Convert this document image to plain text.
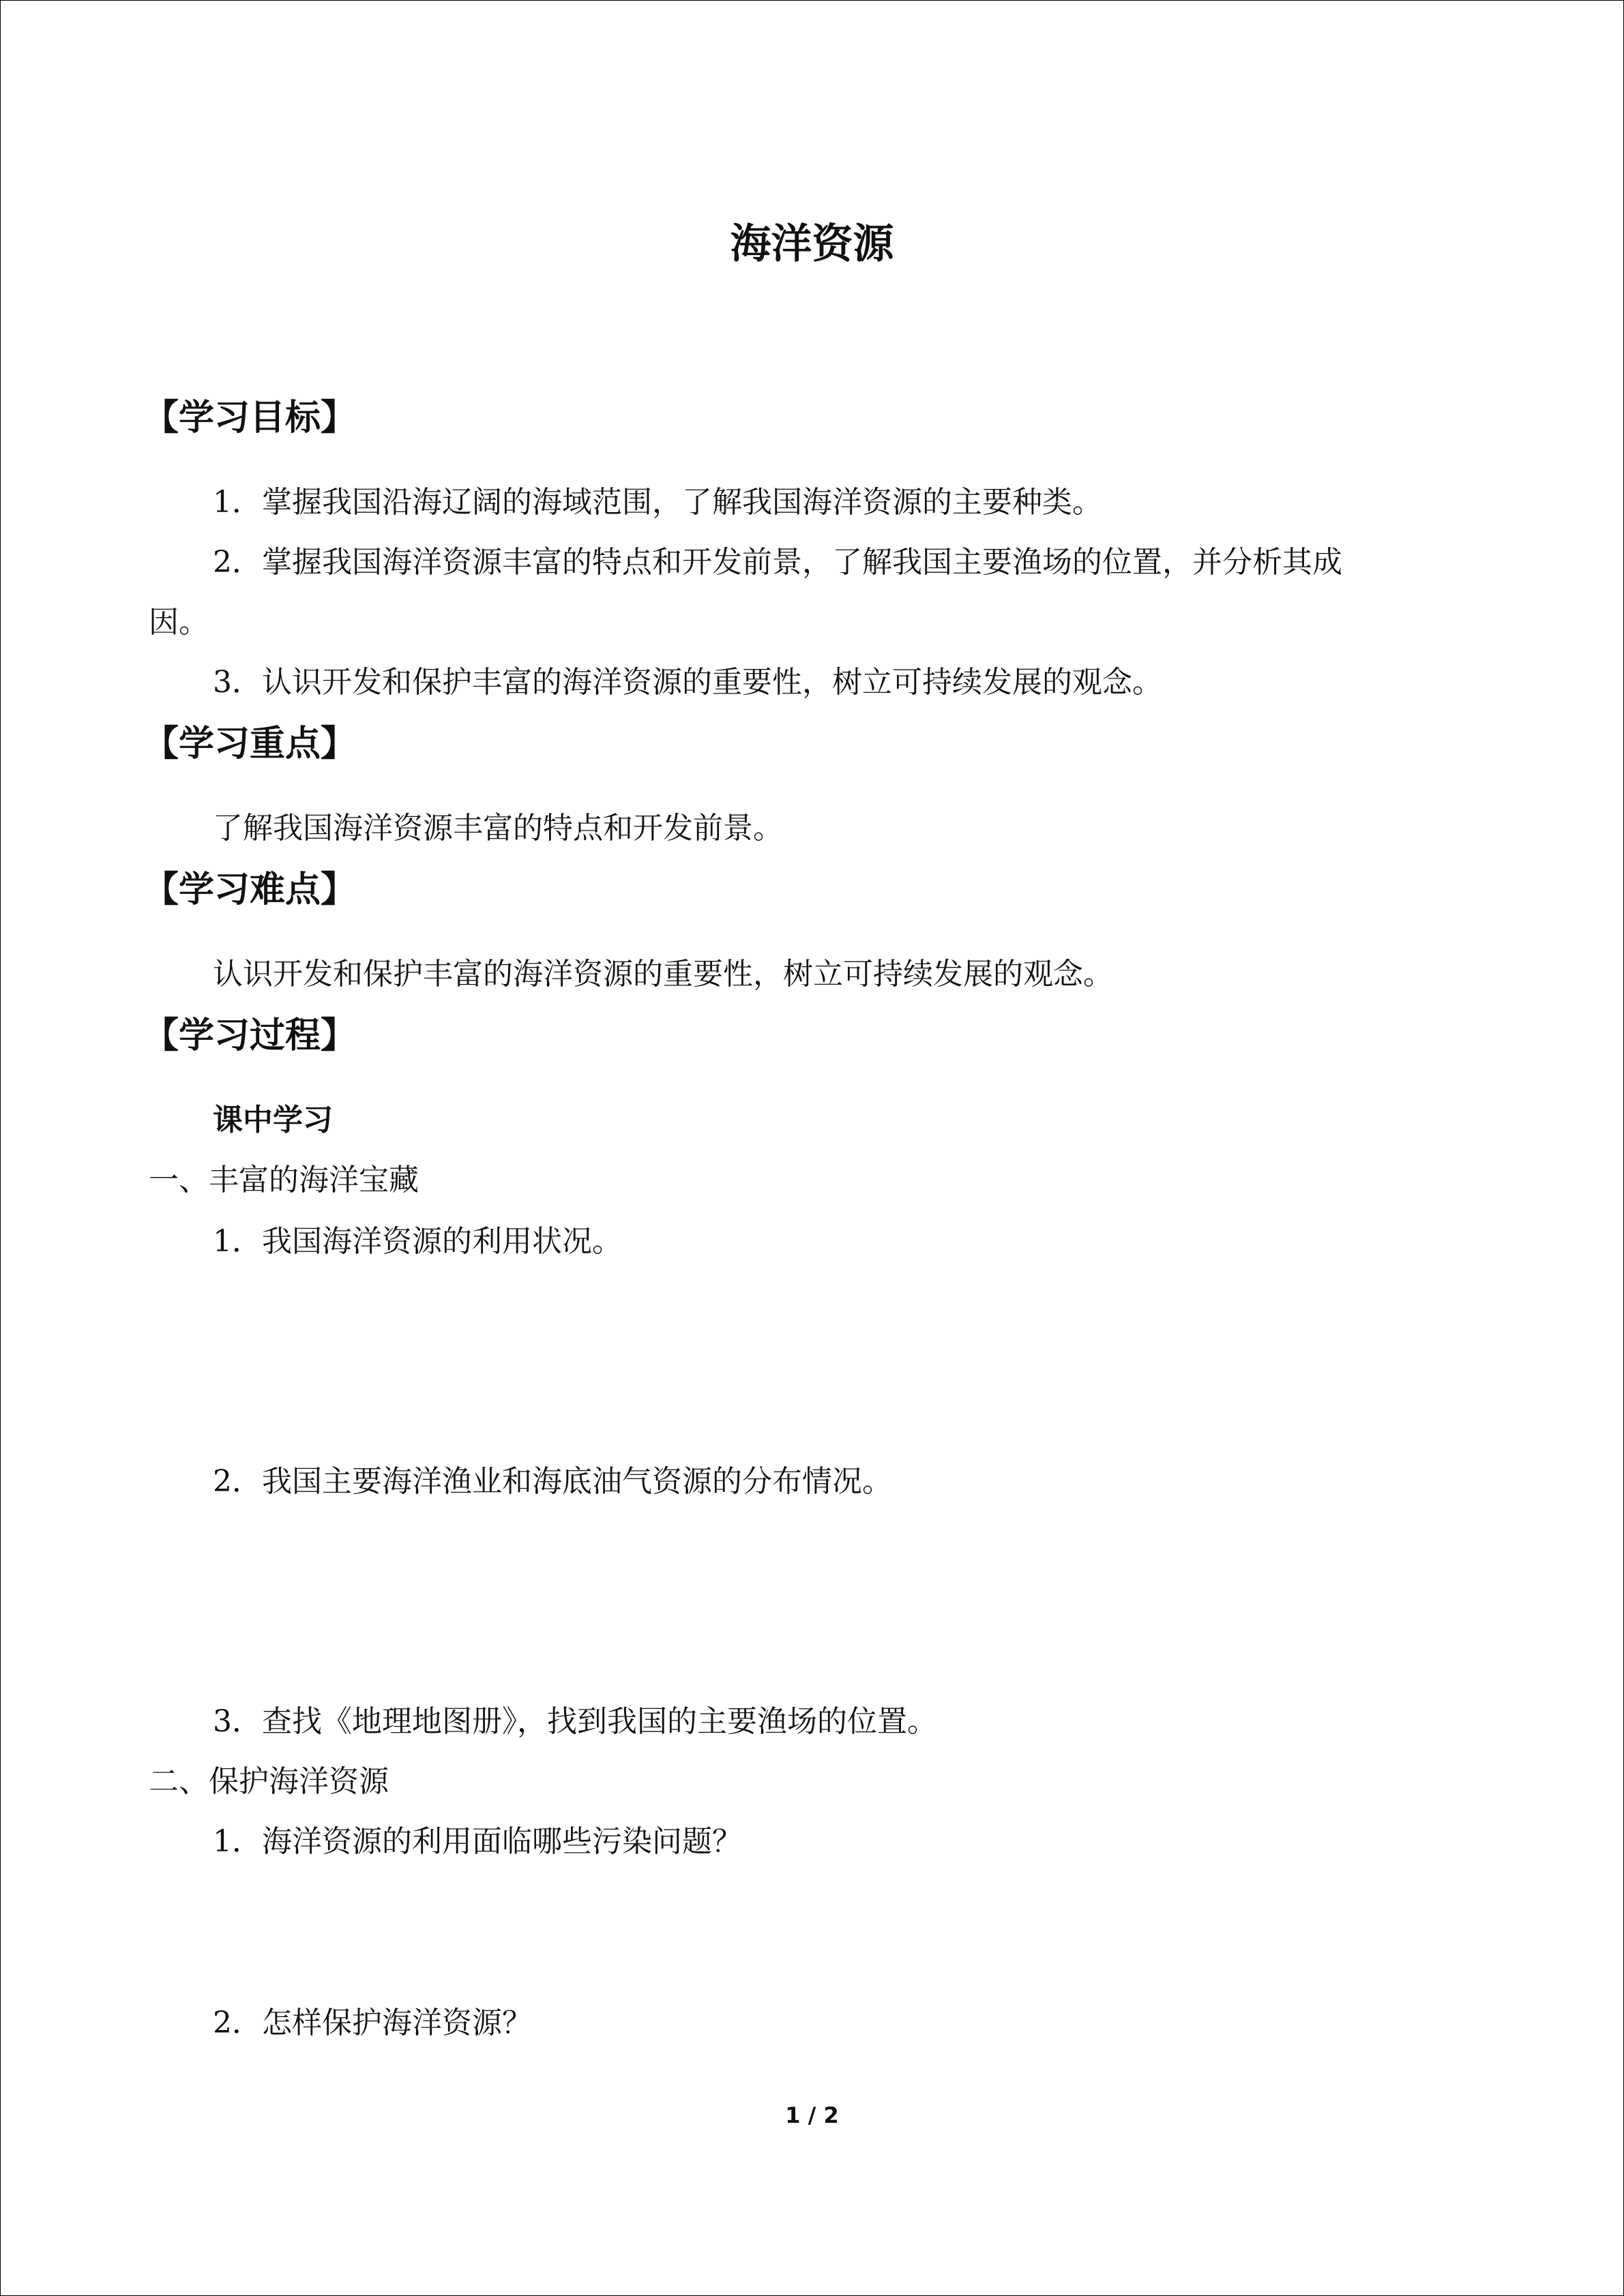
海洋资源
【学习目标】
1．掌握我国沿海辽阔的海域范围，了解我国海洋资源的主要种类。
2．掌握我国海洋资源丰富的特点和开发前景，了解我国主要渔场的位置，并分析其成
因。
3．认识开发和保护丰富的海洋资源的重要性，树立可持续发展的观念。
【学习重点】
了解我国海洋资源丰富的特点和开发前景。
【学习难点】
认识开发和保护丰富的海洋资源的重要性，树立可持续发展的观念。
【学习过程】
课中学习
一、丰富的海洋宝藏
1．我国海洋资源的利用状况。
2．我国主要海洋渔业和海底油气资源的分布情况。
3．查找《地理地图册》，找到我国的主要渔场的位置。
二、保护海洋资源
1．海洋资源的利用面临哪些污染问题？
2．怎样保护海洋资源？
1 / 2
